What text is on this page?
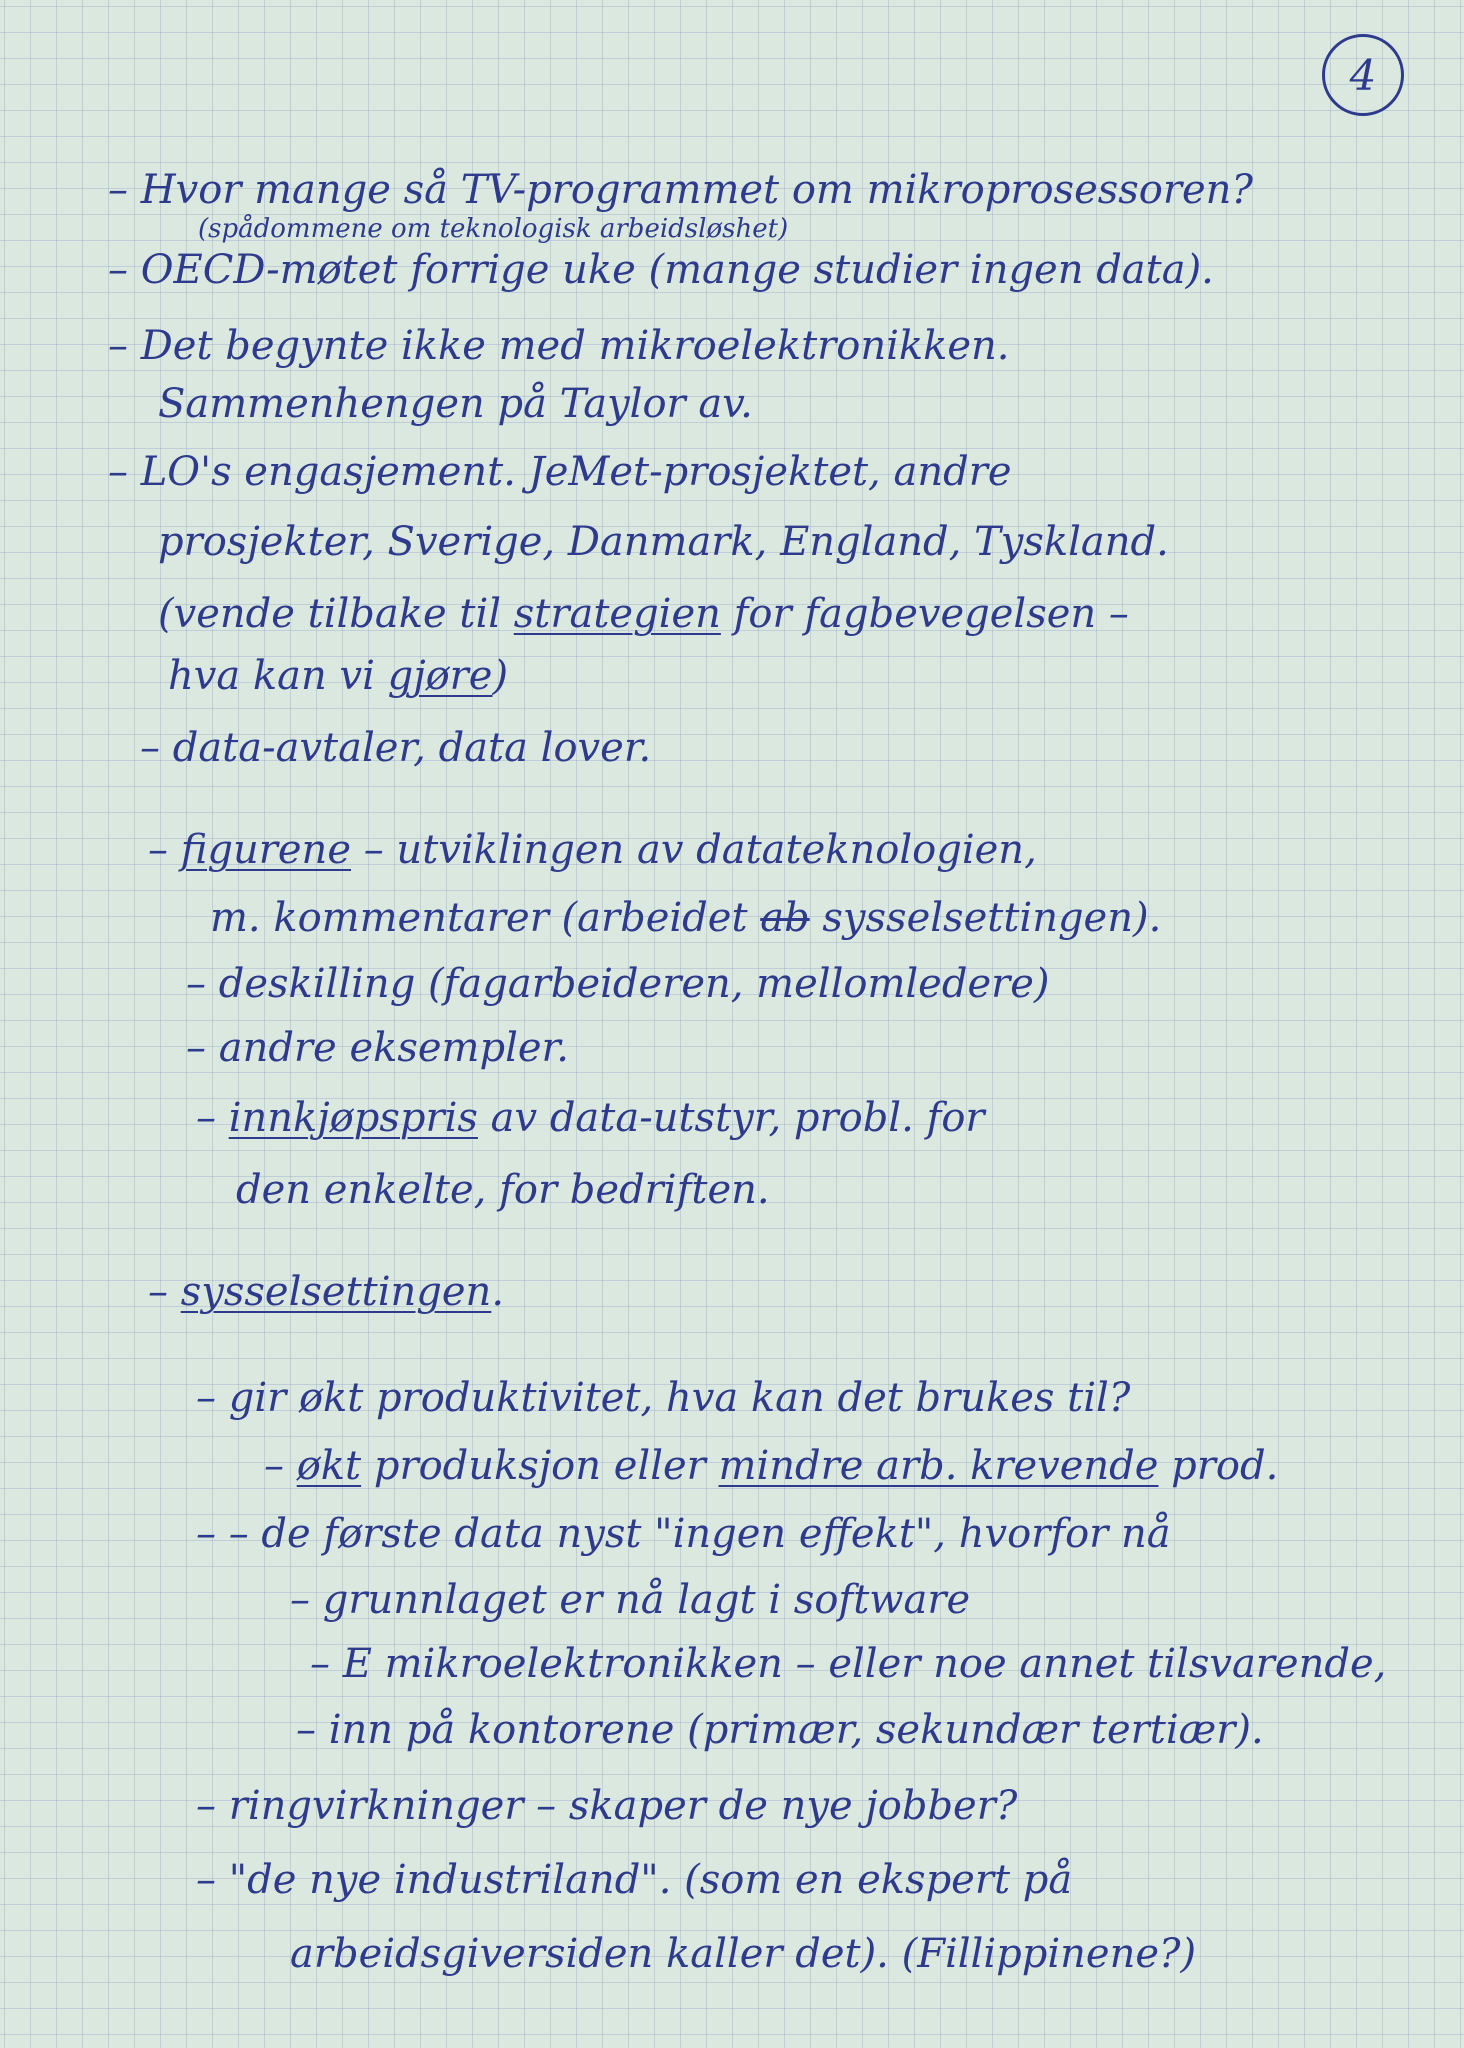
4
– Hvor mange så TV-programmet om mikroprosessoren?
(spådommene om teknologisk arbeidsløshet)
– OECD-møtet forrige uke (mange studier ingen data).
– Det begynte ikke med mikroelektronikken.
Sammenhengen på Taylor av.
– LO's engasjement. JeMet-prosjektet, andre
prosjekter, Sverige, Danmark, England, Tyskland.
(vende tilbake til strategien for fagbevegelsen –
hva kan vi gjøre)
– data-avtaler, data lover.
– figurene – utviklingen av datateknologien,
m. kommentarer (arbeidet ab sysselsettingen).
– deskilling (fagarbeideren, mellomledere)
– andre eksempler.
– innkjøpspris av data-utstyr, probl. for
den enkelte, for bedriften.
– sysselsettingen.
– gir økt produktivitet, hva kan det brukes til?
– økt produksjon eller mindre arb. krevende prod.
– – de første data nyst "ingen effekt", hvorfor nå
– grunnlaget er nå lagt i software
– E mikroelektronikken – eller noe annet tilsvarende,
– inn på kontorene (primær, sekundær tertiær).
– ringvirkninger – skaper de nye jobber?
– "de nye industriland". (som en ekspert på
arbeidsgiversiden kaller det). (Fillippinene?)
